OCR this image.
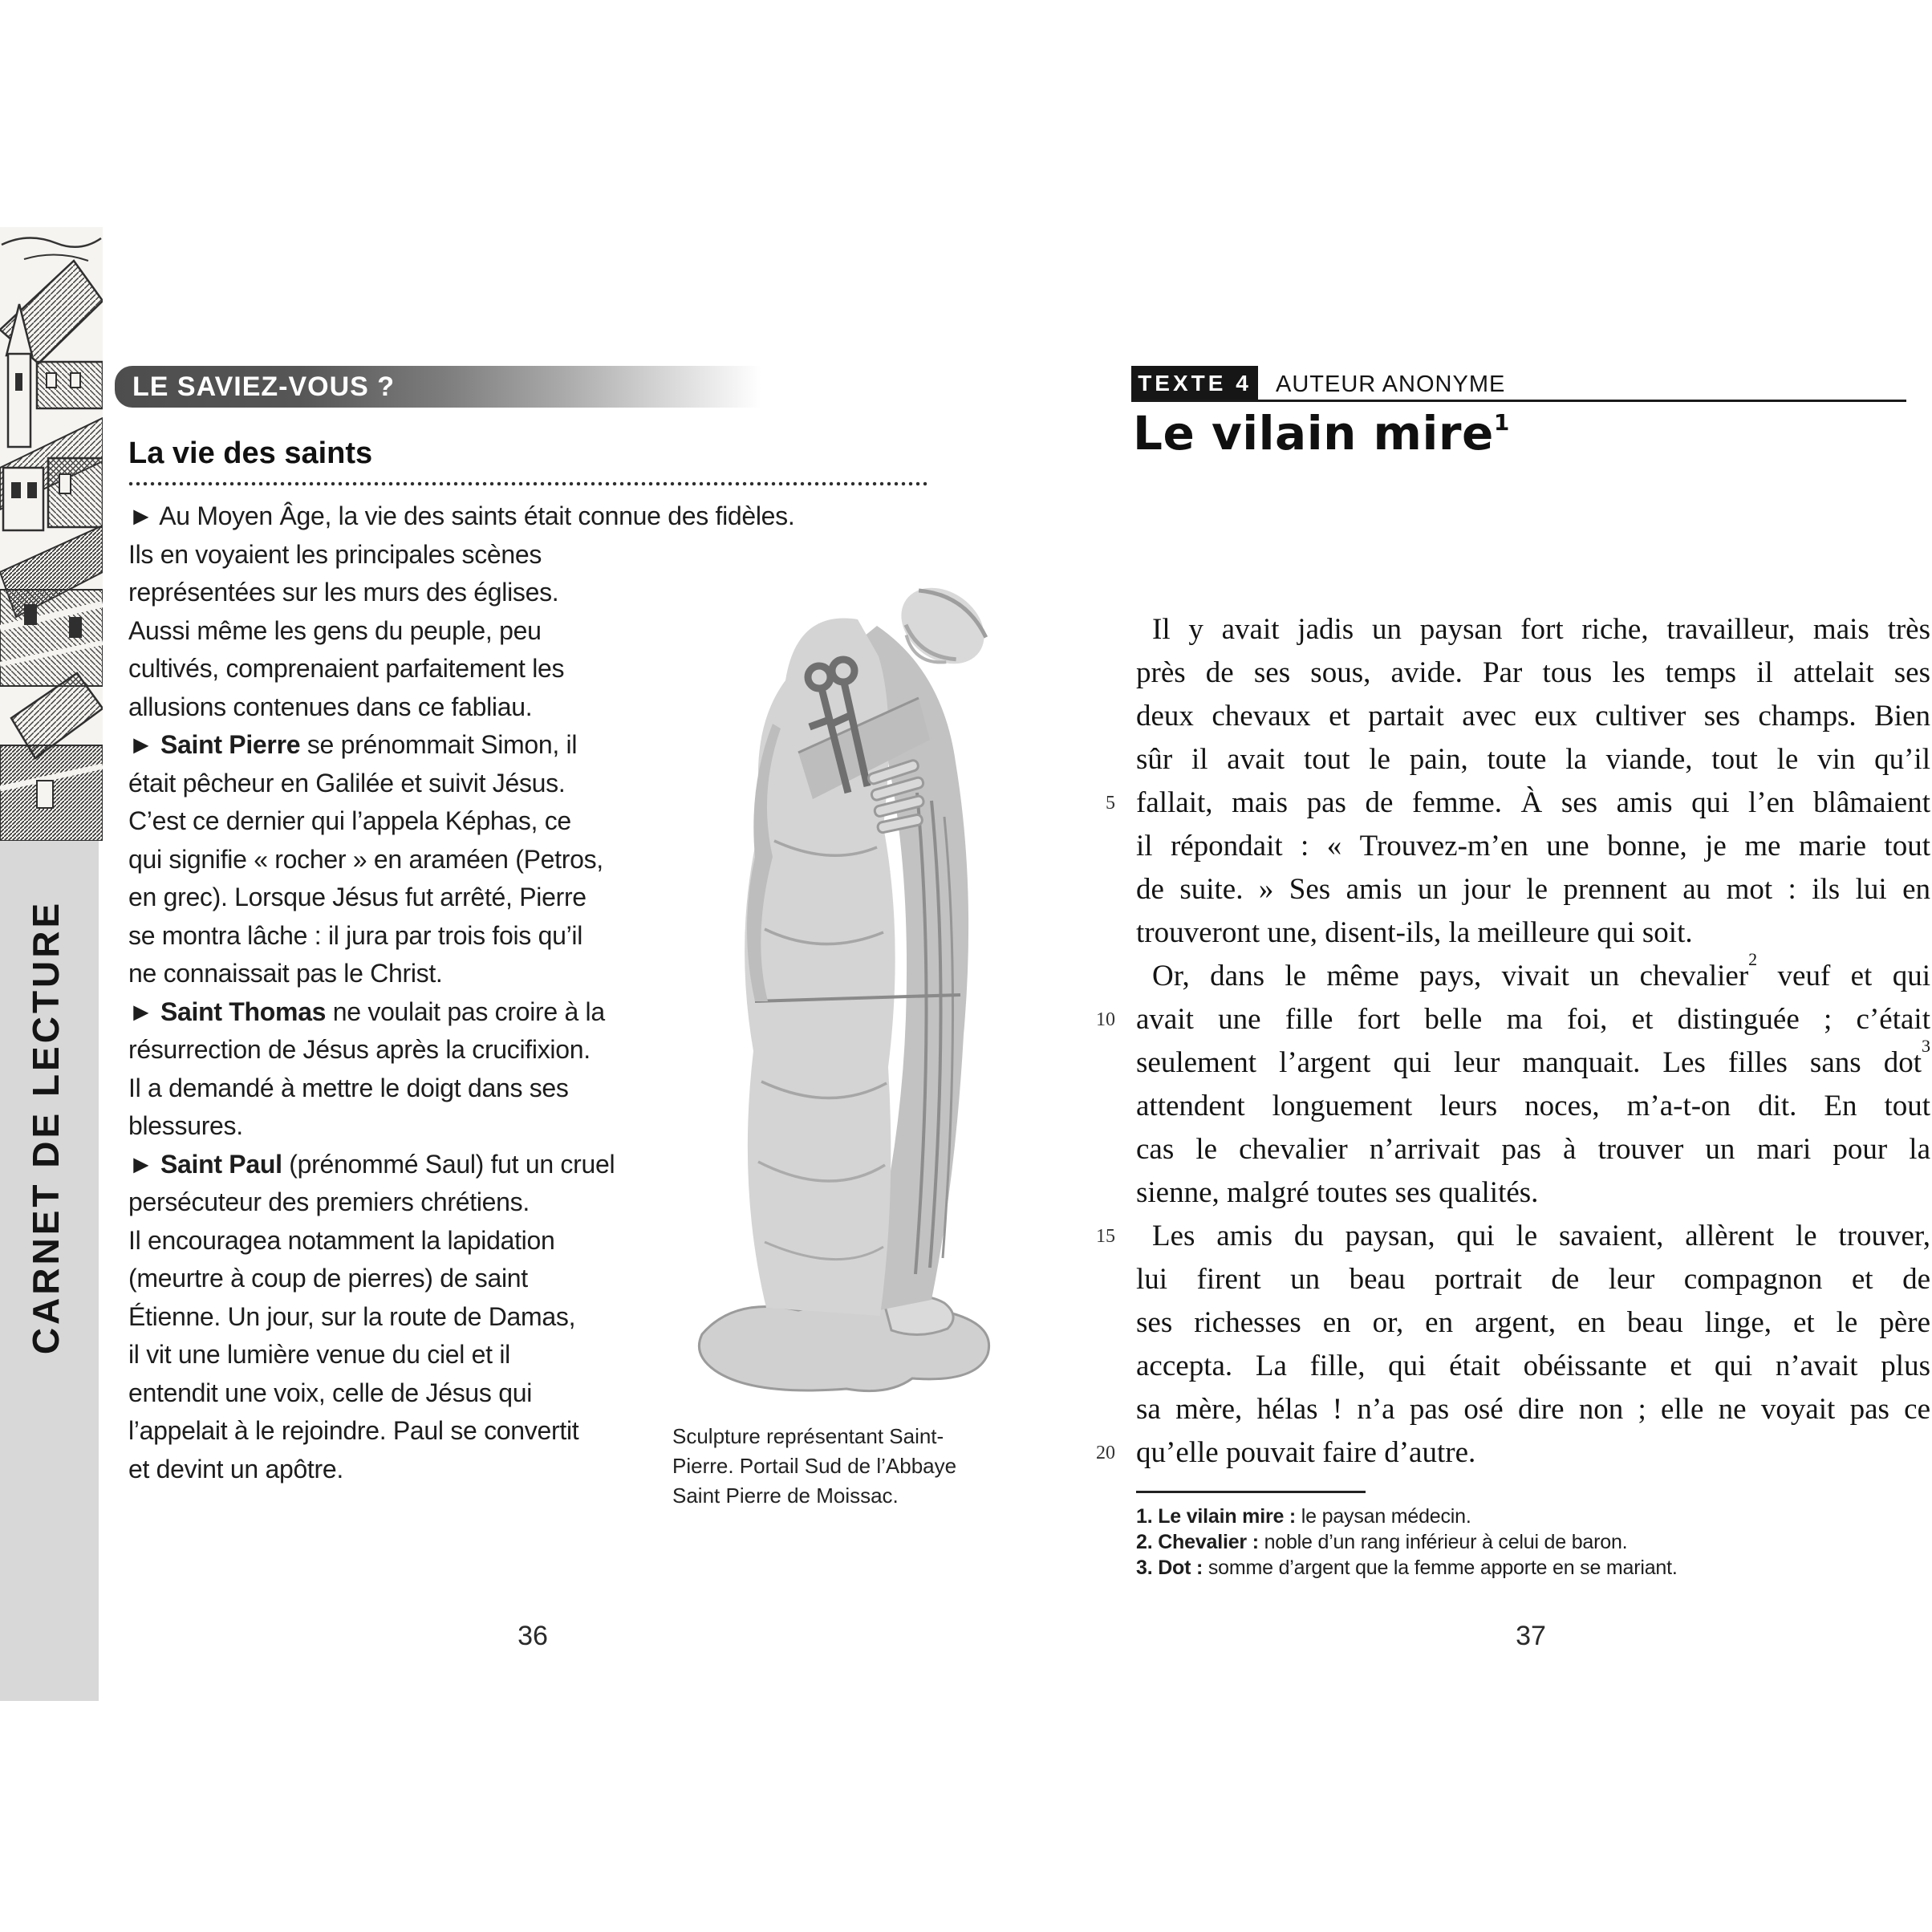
CARNET DE LECTURE
LE SAVIEZ-VOUS ?
La vie des saints
► Au Moyen Âge, la vie des saints était connue des fidèles.
Ils en voyaient les principales scènes
représentées sur les murs des églises.
Aussi même les gens du peuple, peu
cultivés, comprenaient parfaitement les
allusions contenues dans ce fabliau.
► Saint Pierre se prénommait Simon, il
était pêcheur en Galilée et suivit Jésus.
C’est ce dernier qui l’appela Képhas, ce
qui signifie « rocher » en araméen (Petros,
en grec). Lorsque Jésus fut arrêté, Pierre
se montra lâche : il jura par trois fois qu’il
ne connaissait pas le Christ.
► Saint Thomas ne voulait pas croire à la
résurrection de Jésus après la crucifixion.
Il a demandé à mettre le doigt dans ses
blessures.
► Saint Paul (prénommé Saul) fut un cruel
persécuteur des premiers chrétiens.
Il encouragea notamment la lapidation
(meurtre à coup de pierres) de saint
Étienne. Un jour, sur la route de Damas,
il vit une lumière venue du ciel et il
entendit une voix, celle de Jésus qui
l’appelait à le rejoindre. Paul se convertit
et devint un apôtre.
Sculpture représentant Saint-
Pierre. Portail Sud de l’Abbaye
Saint Pierre de Moissac.
36
TEXTE 4 AUTEUR ANONYME
Le vilain mire$^1$
Il y avait jadis un paysan fort riche, travailleur, mais très
près de ses sous, avide. Par tous les temps il attelait ses
deux chevaux et partait avec eux cultiver ses champs. Bien
sûr il avait tout le pain, toute la viande, tout le vin qu’il
5 fallait, mais pas de femme. À ses amis qui l’en blâmaient
il répondait : « Trouvez-m’en une bonne, je me marie tout
de suite. » Ses amis un jour le prennent au mot : ils lui en
trouveront une, disent-ils, la meilleure qui soit.
Or, dans le même pays, vivait un chevalier$^2$ veuf et qui
10 avait une fille fort belle ma foi, et distinguée ; c’était
seulement l’argent qui leur manquait. Les filles sans dot$^3$
attendent longuement leurs noces, m’a-t-on dit. En tout
cas le chevalier n’arrivait pas à trouver un mari pour la
sienne, malgré toutes ses qualités.
15 Les amis du paysan, qui le savaient, allèrent le trouver,
lui firent un beau portrait de leur compagnon et de
ses richesses en or, en argent, en beau linge, et le père
accepta. La fille, qui était obéissante et qui n’avait plus
sa mère, hélas ! n’a pas osé dire non ; elle ne voyait pas ce
20 qu’elle pouvait faire d’autre.
1. Le vilain mire : le paysan médecin.
2. Chevalier : noble d’un rang inférieur à celui de baron.
3. Dot : somme d’argent que la femme apporte en se mariant.
37
